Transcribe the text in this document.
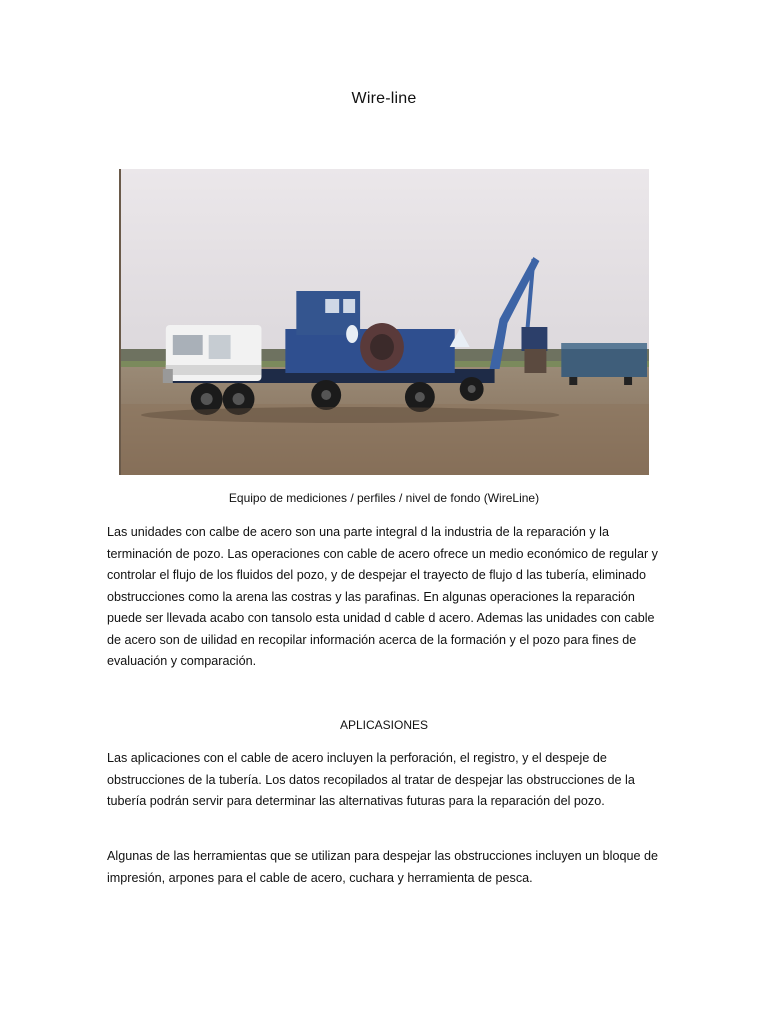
Wire-line
Equipo de mediciones / perfiles / nivel de fondo (WireLine)

Las unidades con calbe de acero son una parte integral d la industria de la reparación y la terminación de pozo. Las operaciones con cable de acero ofrece un medio económico de regular y controlar el flujo de los fluidos del pozo, y de despejar el trayecto de flujo d las tubería, eliminado obstrucciones como la arena las costras y las parafinas. En algunas operaciones la reparación puede ser llevada acabo con tansolo esta unidad d cable d acero. Ademas las unidades con cable de acero son de uilidad en recopilar información acerca de la formación y el pozo para fines de evaluación y comparación.

APLICASIONES

Las aplicaciones con el cable de acero incluyen la perforación, el registro, y el despeje de obstrucciones de la tubería. Los datos recopilados al tratar de despejar las obstrucciones de la tubería podrán servir para determinar las alternativas futuras para la reparación del pozo.

Algunas de las herramientas que se utilizan para despejar las obstrucciones incluyen un bloque de impresión, arpones para el cable de acero, cuchara y herramienta de pesca.
